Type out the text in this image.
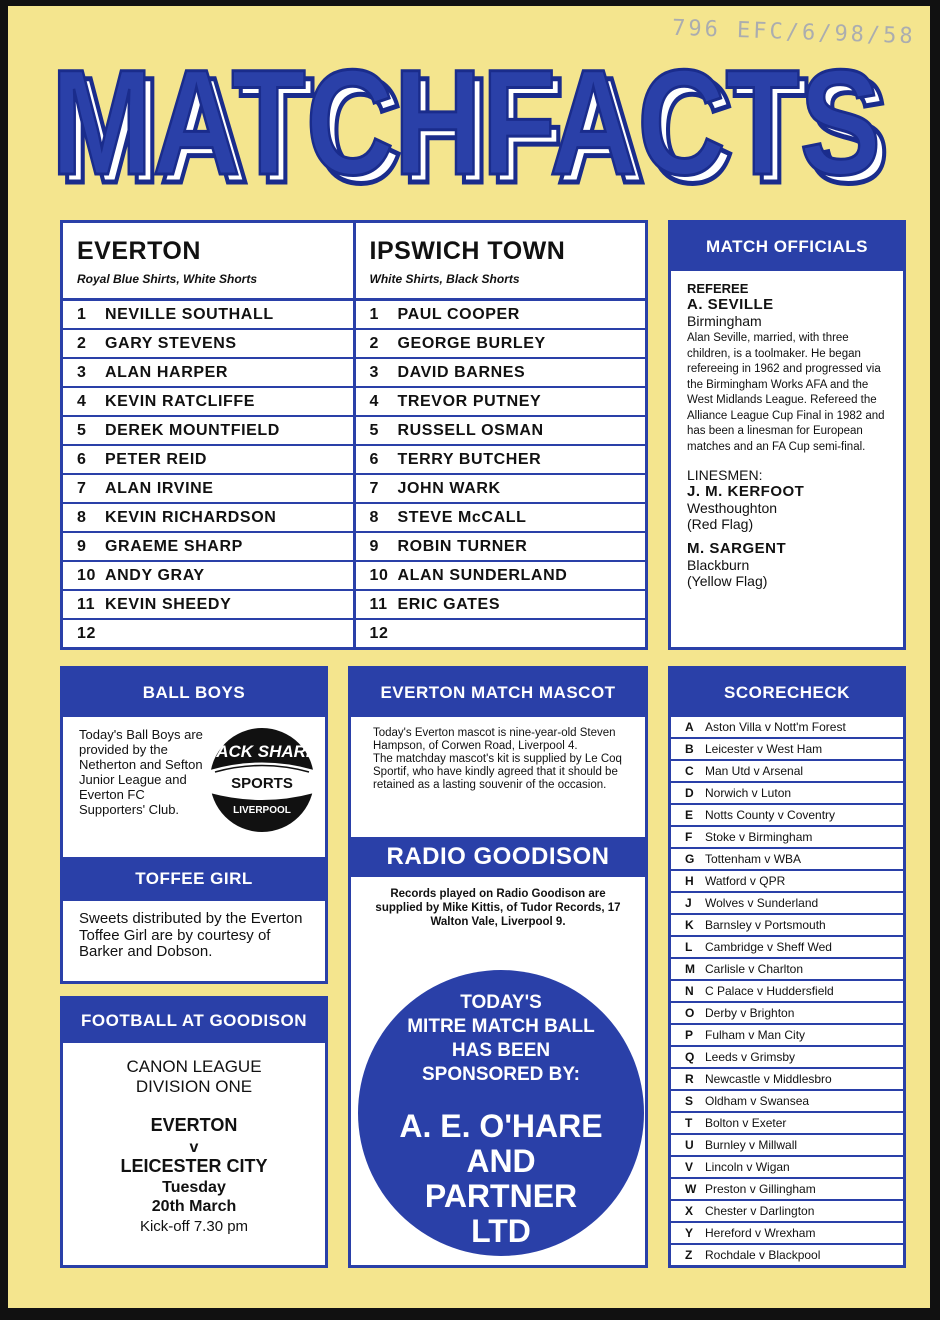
796 EFC/6/98/58
MATCHFACTS
MATCHFACTS
EVERTON
Royal Blue Shirts, White Shorts
1	NEVILLE SOUTHALL
2	GARY STEVENS
3	ALAN HARPER
4	KEVIN RATCLIFFE
5	DEREK MOUNTFIELD
6	PETER REID
7	ALAN IRVINE
8	KEVIN RICHARDSON
9	GRAEME SHARP
10 ANDY GRAY
11 KEVIN SHEEDY
12
IPSWICH TOWN
White Shirts, Black Shorts
1	PAUL COOPER
2	GEORGE BURLEY
3	DAVID BARNES
4	TREVOR PUTNEY
5	RUSSELL OSMAN
6	TERRY BUTCHER
7	JOHN WARK
8	STEVE McCALL
9	ROBIN TURNER
10 ALAN SUNDERLAND
11 ERIC GATES
12
MATCH OFFICIALS
REFEREE
A. SEVILLE
Birmingham
Alan Seville, married, with three children, is a toolmaker. He began refereeing in 1962 and progressed via the Birmingham Works AFA and the West Midlands League. Refereed the Alliance League Cup Final in 1982 and has been a linesman for European matches and an FA Cup semi-final.
LINESMEN:
J. M. KERFOOT
Westhoughton
(Red Flag)
M. SARGENT
Blackburn
(Yellow Flag)
BALL BOYS
Today's Ball Boys are provided by the Netherton and Sefton Junior League and Everton FC Supporters' Club.
JACK SHARP
SPORTS
LIVERPOOL
TOFFEE GIRL
Sweets distributed by the Everton Toffee Girl are by courtesy of Barker and Dobson.
FOOTBALL AT GOODISON
CANON LEAGUE
DIVISION ONE
EVERTON
v
LEICESTER CITY
Tuesday
20th March
Kick-off 7.30 pm
EVERTON MATCH MASCOT
Today's Everton mascot is nine-year-old Steven Hampson, of Corwen Road, Liverpool 4.
The matchday mascot's kit is supplied by Le Coq Sportif, who have kindly agreed that it should be retained as a lasting souvenir of the occasion.
RADIO GOODISON
Records played on Radio Goodison are supplied by Mike Kittis, of Tudor Records, 17 Walton Vale, Liverpool 9.
TODAY'S
MITRE MATCH BALL
HAS BEEN
SPONSORED BY:
A. E. O'HARE
AND
PARTNER
LTD
SCORECHECK
A Aston Villa v Nott'm Forest
B Leicester v West Ham
C Man Utd v Arsenal
D Norwich v Luton
E Notts County v Coventry
F	Stoke v Birmingham
G Tottenham v WBA
H Watford v QPR
J	Wolves v Sunderland
K Barnsley v Portsmouth
L	Cambridge v Sheff Wed
M Carlisle v Charlton
N C Palace v Huddersfield
O Derby v Brighton
P Fulham v Man City
Q Leeds v Grimsby
R Newcastle v Middlesbro
S Oldham v Swansea
T	Bolton v Exeter
U Burnley v Millwall
V Lincoln v Wigan
W Preston v Gillingham
X Chester v Darlington
Y Hereford v Wrexham
Z	Rochdale v Blackpool
